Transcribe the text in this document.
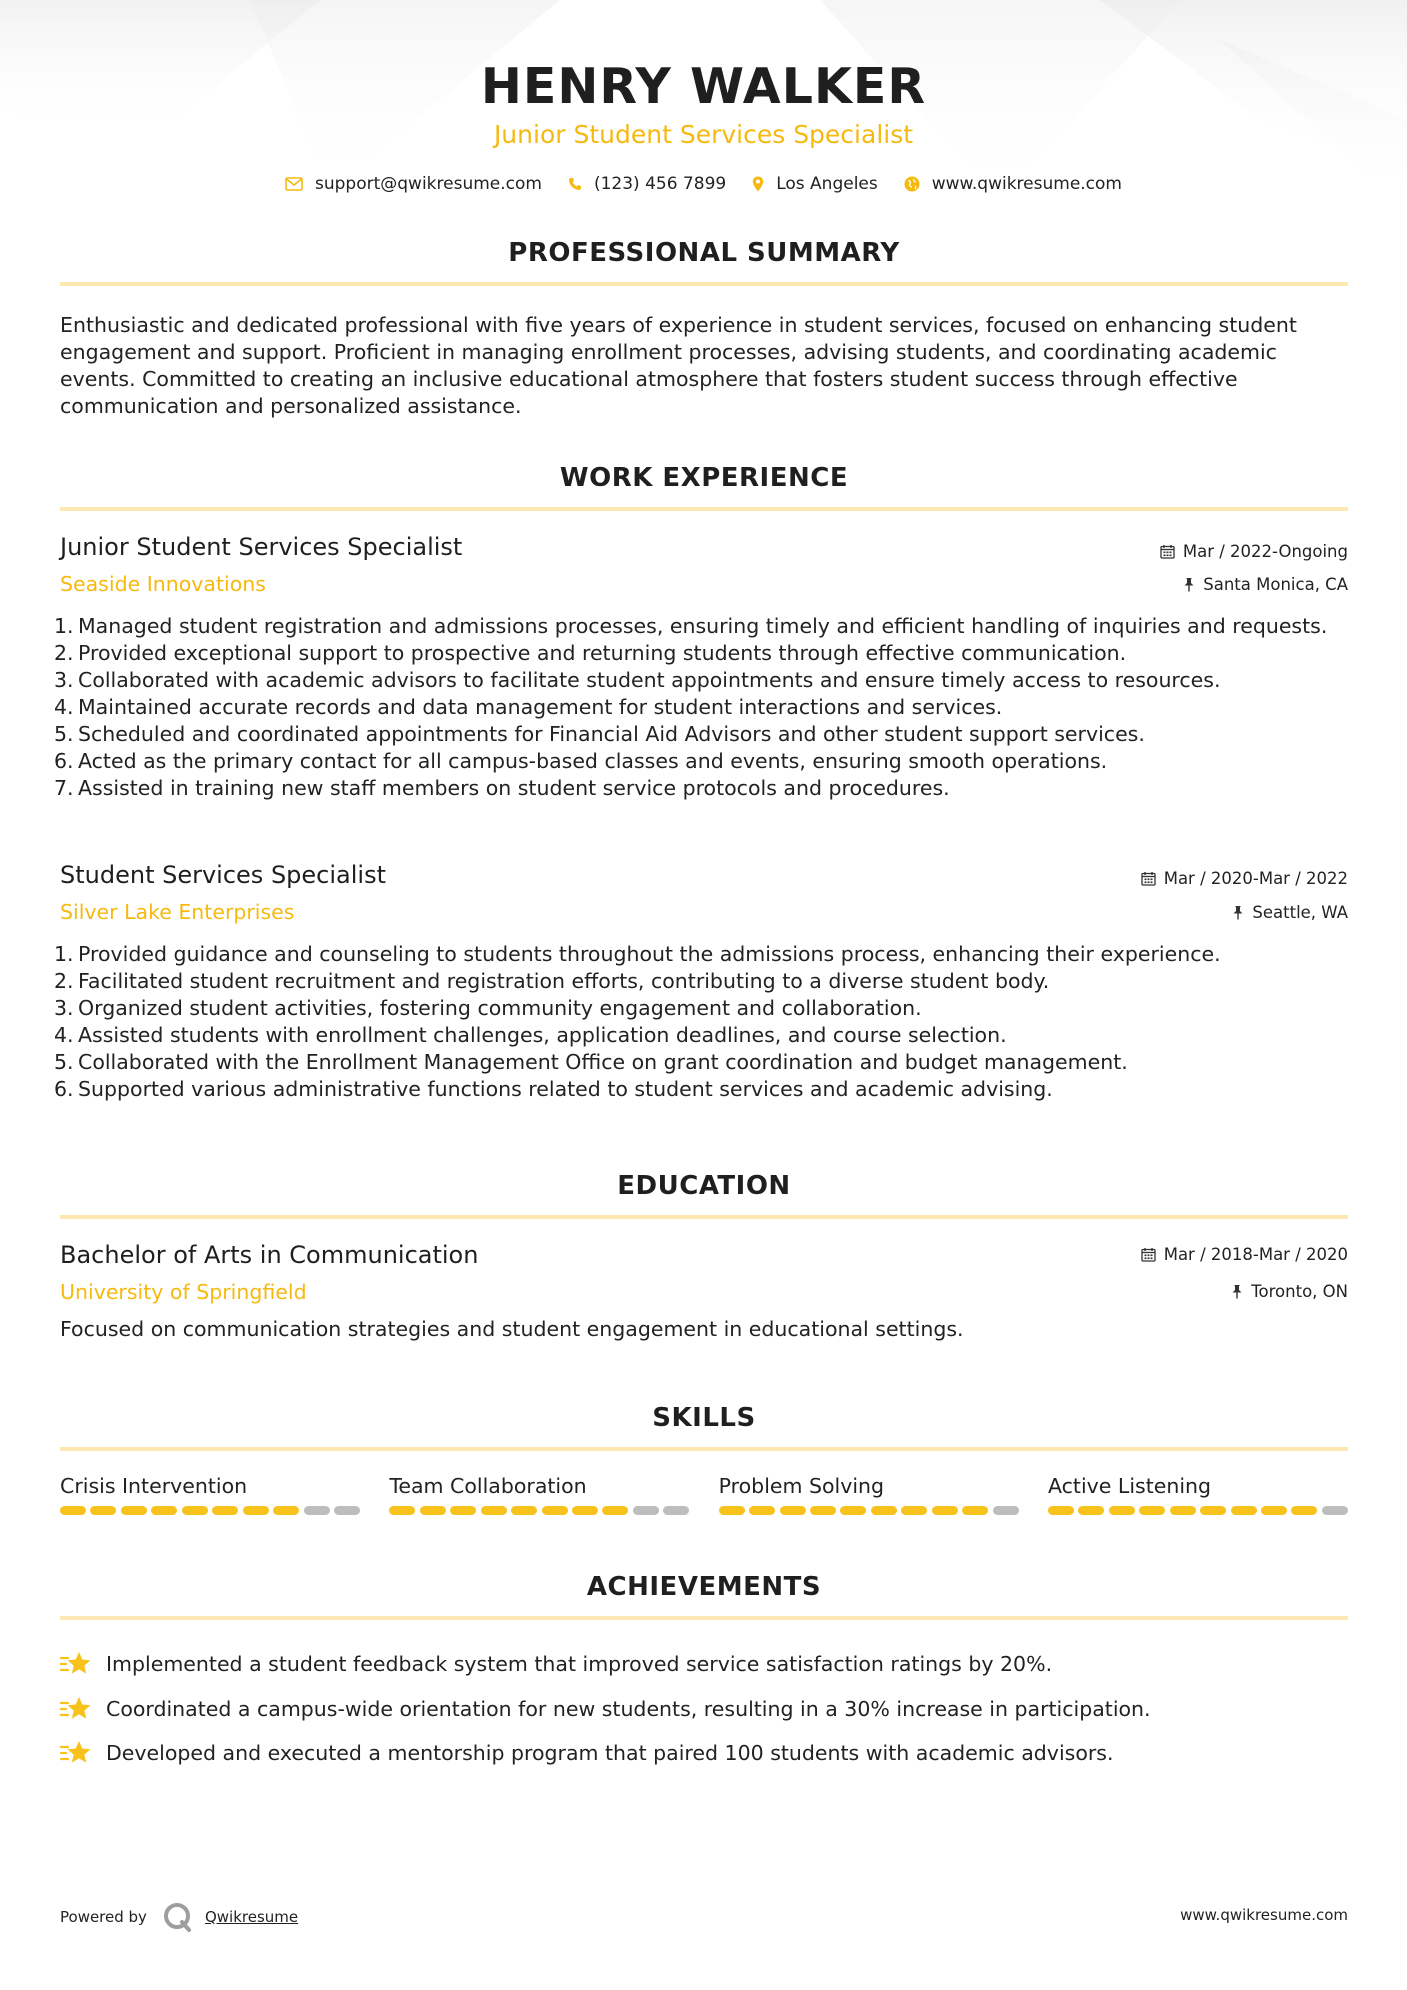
HENRY WALKER
Junior Student Services Specialist
support@qwikresume.com	(123) 456 7899	Los Angeles	www.qwikresume.com
PROFESSIONAL SUMMARY
Enthusiastic and dedicated professional with five years of experience in student services, focused on enhancing student engagement and support. Proficient in managing enrollment processes, advising students, and coordinating academic events. Committed to creating an inclusive educational atmosphere that fosters student success through effective communication and personalized assistance.
WORK EXPERIENCE
Junior Student Services Specialist	Mar / 2022-Ongoing
Seaside Innovations	Santa Monica, CA
1. Managed student registration and admissions processes, ensuring timely and efficient handling of inquiries and requests.
2. Provided exceptional support to prospective and returning students through effective communication.
3. Collaborated with academic advisors to facilitate student appointments and ensure timely access to resources.
4. Maintained accurate records and data management for student interactions and services.
5. Scheduled and coordinated appointments for Financial Aid Advisors and other student support services.
6. Acted as the primary contact for all campus-based classes and events, ensuring smooth operations.
7. Assisted in training new staff members on student service protocols and procedures.
Student Services Specialist	Mar / 2020-Mar / 2022
Silver Lake Enterprises	Seattle, WA
1. Provided guidance and counseling to students throughout the admissions process, enhancing their experience.
2. Facilitated student recruitment and registration efforts, contributing to a diverse student body.
3. Organized student activities, fostering community engagement and collaboration.
4. Assisted students with enrollment challenges, application deadlines, and course selection.
5. Collaborated with the Enrollment Management Office on grant coordination and budget management.
6. Supported various administrative functions related to student services and academic advising.
EDUCATION
Bachelor of Arts in Communication	Mar / 2018-Mar / 2020
University of Springfield	Toronto, ON
Focused on communication strategies and student engagement in educational settings.
SKILLS
Crisis Intervention	Team Collaboration	Problem Solving	Active Listening
ACHIEVEMENTS
Implemented a student feedback system that improved service satisfaction ratings by 20%.
Coordinated a campus-wide orientation for new students, resulting in a 30% increase in participation.
Developed and executed a mentorship program that paired 100 students with academic advisors.
Powered by	Qwikresume	www.qwikresume.com
